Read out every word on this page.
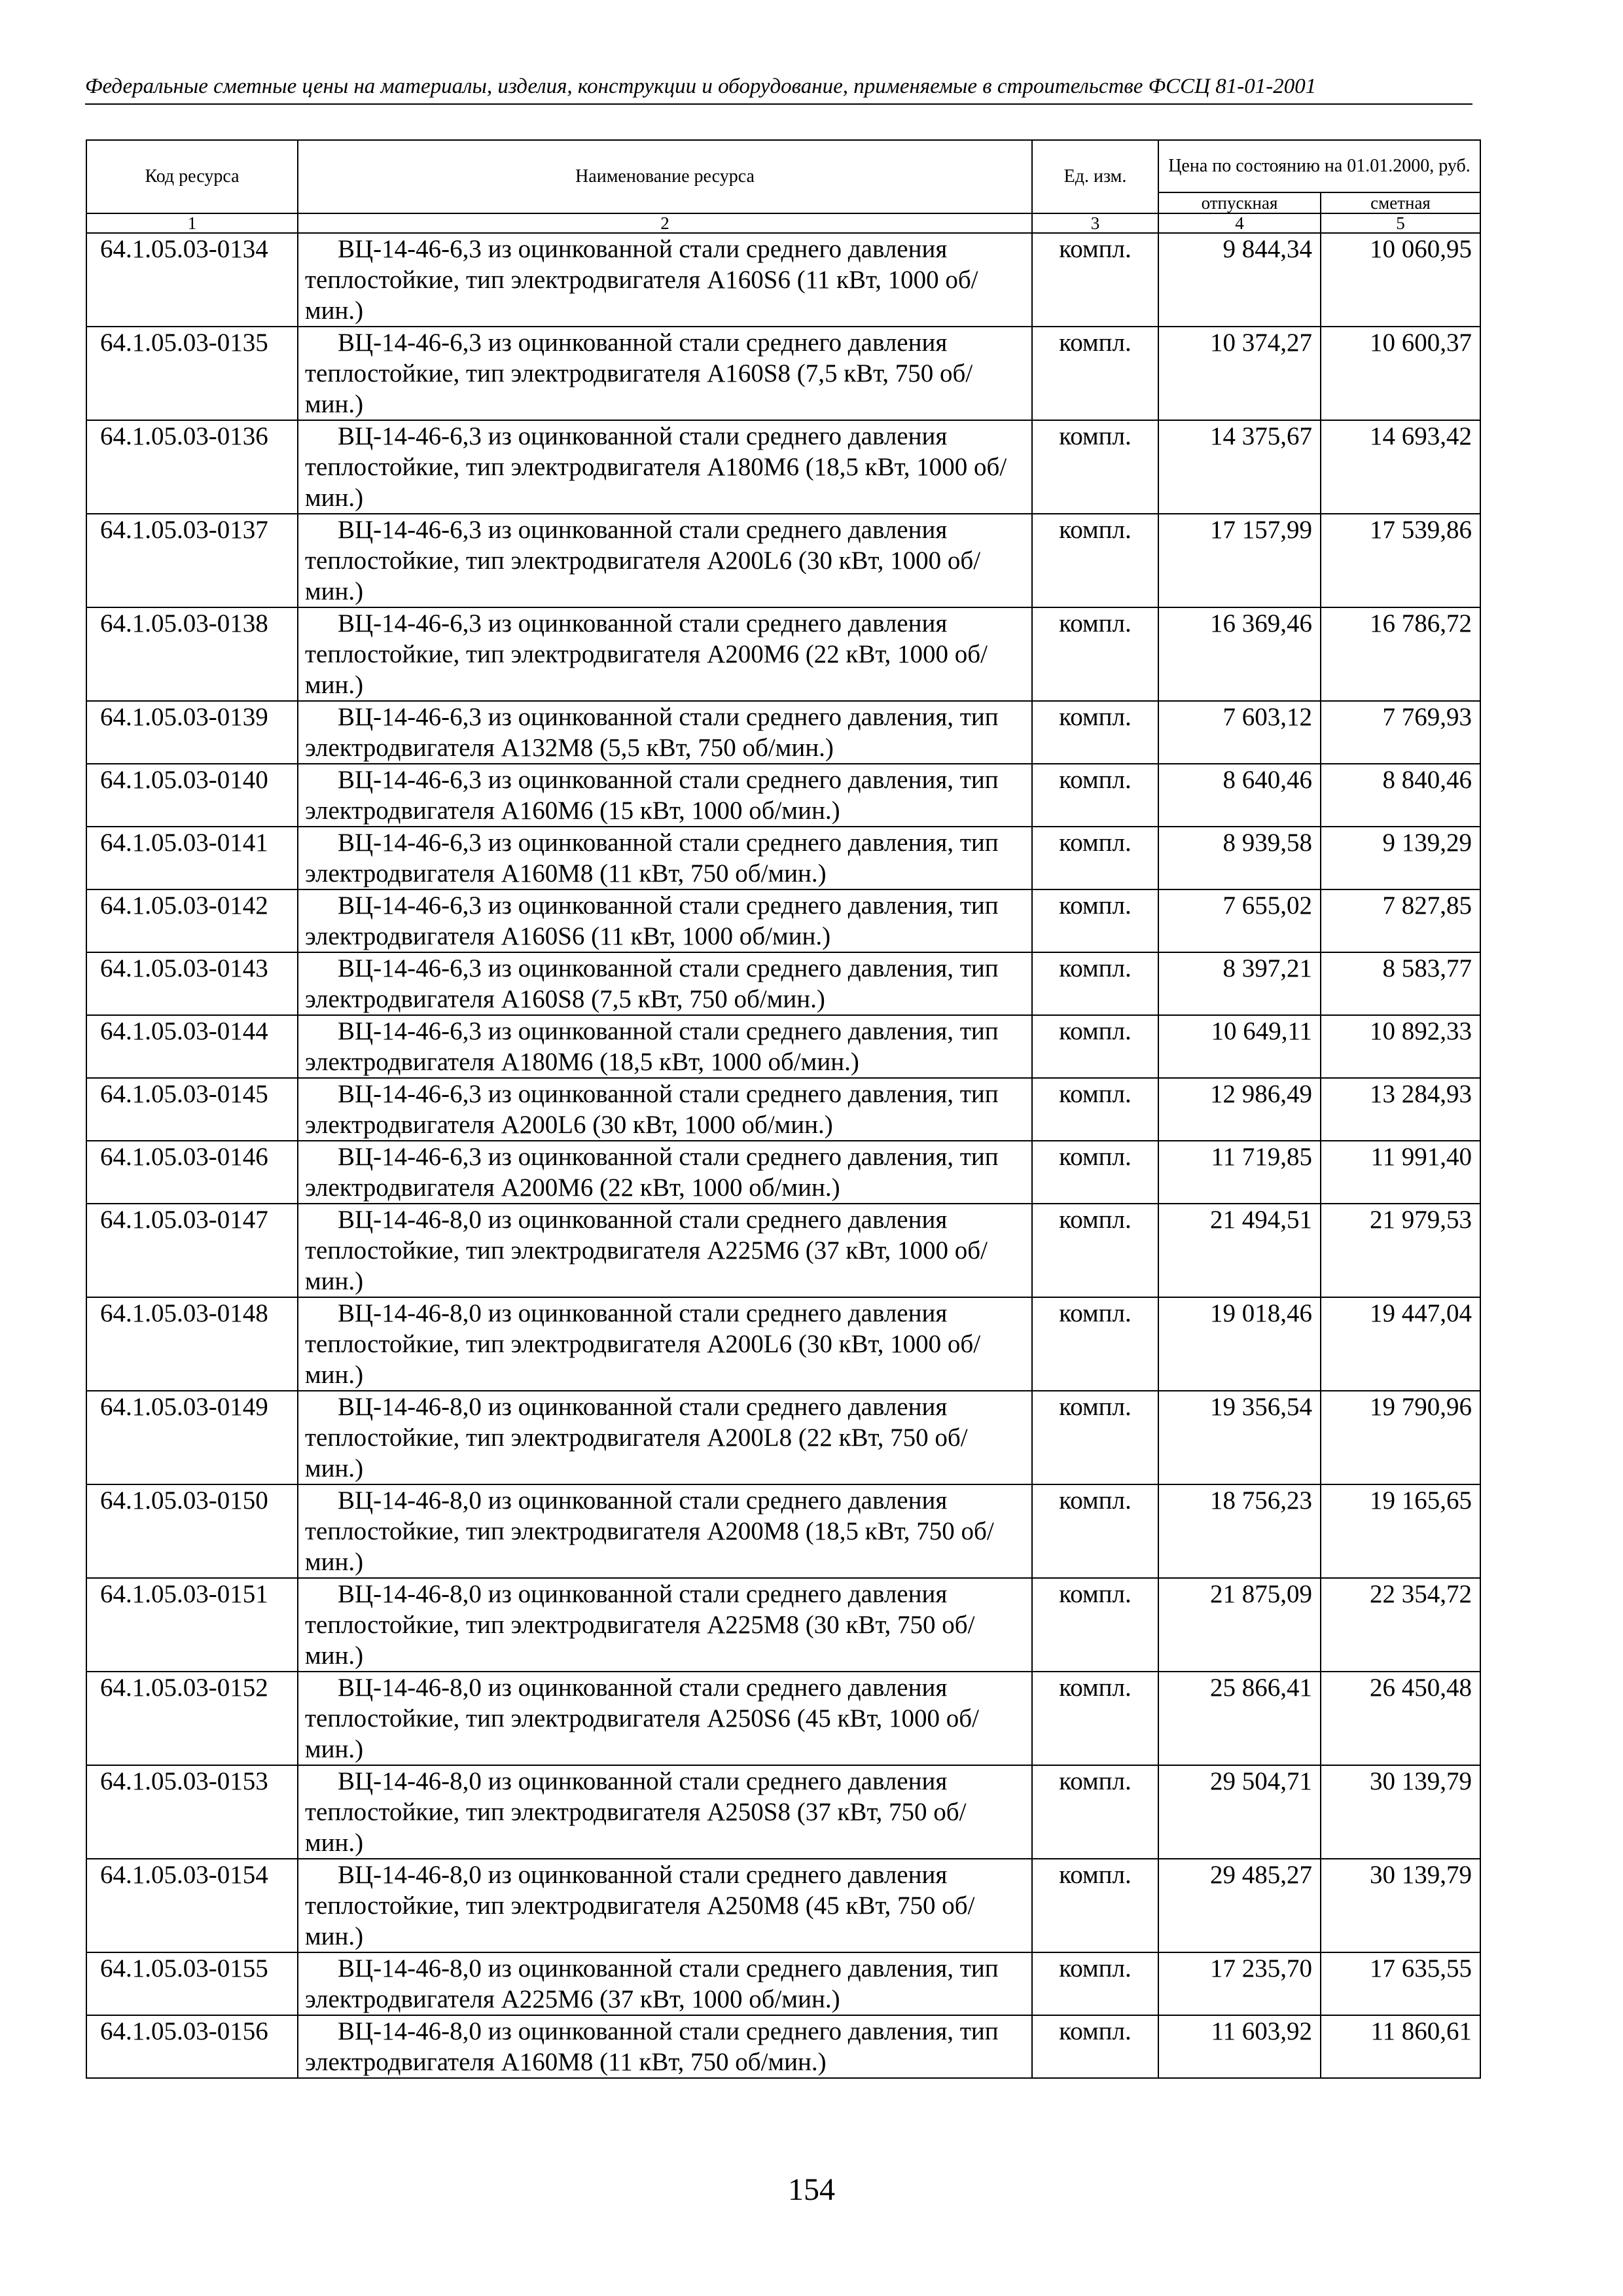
Федеральные сметные цены на материалы, изделия, конструкции и оборудование, применяемые в строительстве ФССЦ 81-01-2001
Код ресурса	Наименование ресурса	Ед. изм.	Цена по состоянию на 01.01.2000, руб.	
			отпускная	сметная
1	2	3	4	5
64.1.05.03-0134	ВЦ-14-46-6,3 из оцинкованной стали среднего давления теплостойкие, тип электродвигателя А160S6 (11 кВт, 1000 об/мин.)	компл.	9 844,34	10 060,95
64.1.05.03-0135	ВЦ-14-46-6,3 из оцинкованной стали среднего давления теплостойкие, тип электродвигателя А160S8 (7,5 кВт, 750 об/мин.)	компл.	10 374,27	10 600,37
64.1.05.03-0136	ВЦ-14-46-6,3 из оцинкованной стали среднего давления теплостойкие, тип электродвигателя А180М6 (18,5 кВт, 1000 об/мин.)	компл.	14 375,67	14 693,42
64.1.05.03-0137	ВЦ-14-46-6,3 из оцинкованной стали среднего давления теплостойкие, тип электродвигателя А200L6 (30 кВт, 1000 об/мин.)	компл.	17 157,99	17 539,86
64.1.05.03-0138	ВЦ-14-46-6,3 из оцинкованной стали среднего давления теплостойкие, тип электродвигателя А200М6 (22 кВт, 1000 об/мин.)	компл.	16 369,46	16 786,72
64.1.05.03-0139	ВЦ-14-46-6,3 из оцинкованной стали среднего давления, тип электродвигателя А132М8 (5,5 кВт, 750 об/мин.)	компл.	7 603,12	7 769,93
64.1.05.03-0140	ВЦ-14-46-6,3 из оцинкованной стали среднего давления, тип электродвигателя А160М6 (15 кВт, 1000 об/мин.)	компл.	8 640,46	8 840,46
64.1.05.03-0141	ВЦ-14-46-6,3 из оцинкованной стали среднего давления, тип электродвигателя А160М8 (11 кВт, 750 об/мин.)	компл.	8 939,58	9 139,29
64.1.05.03-0142	ВЦ-14-46-6,3 из оцинкованной стали среднего давления, тип электродвигателя А160S6 (11 кВт, 1000 об/мин.)	компл.	7 655,02	7 827,85
64.1.05.03-0143	ВЦ-14-46-6,3 из оцинкованной стали среднего давления, тип электродвигателя А160S8 (7,5 кВт, 750 об/мин.)	компл.	8 397,21	8 583,77
64.1.05.03-0144	ВЦ-14-46-6,3 из оцинкованной стали среднего давления, тип электродвигателя А180М6 (18,5 кВт, 1000 об/мин.)	компл.	10 649,11	10 892,33
64.1.05.03-0145	ВЦ-14-46-6,3 из оцинкованной стали среднего давления, тип электродвигателя А200L6 (30 кВт, 1000 об/мин.)	компл.	12 986,49	13 284,93
64.1.05.03-0146	ВЦ-14-46-6,3 из оцинкованной стали среднего давления, тип электродвигателя А200М6 (22 кВт, 1000 об/мин.)	компл.	11 719,85	11 991,40
64.1.05.03-0147	ВЦ-14-46-8,0 из оцинкованной стали среднего давления теплостойкие, тип электродвигателя А225М6 (37 кВт, 1000 об/мин.)	компл.	21 494,51	21 979,53
64.1.05.03-0148	ВЦ-14-46-8,0 из оцинкованной стали среднего давления теплостойкие, тип электродвигателя А200L6 (30 кВт, 1000 об/мин.)	компл.	19 018,46	19 447,04
64.1.05.03-0149	ВЦ-14-46-8,0 из оцинкованной стали среднего давления теплостойкие, тип электродвигателя А200L8 (22 кВт, 750 об/мин.)	компл.	19 356,54	19 790,96
64.1.05.03-0150	ВЦ-14-46-8,0 из оцинкованной стали среднего давления теплостойкие, тип электродвигателя А200М8 (18,5 кВт, 750 об/мин.)	компл.	18 756,23	19 165,65
64.1.05.03-0151	ВЦ-14-46-8,0 из оцинкованной стали среднего давления теплостойкие, тип электродвигателя А225М8 (30 кВт, 750 об/мин.)	компл.	21 875,09	22 354,72
64.1.05.03-0152	ВЦ-14-46-8,0 из оцинкованной стали среднего давления теплостойкие, тип электродвигателя А250S6 (45 кВт, 1000 об/мин.)	компл.	25 866,41	26 450,48
64.1.05.03-0153	ВЦ-14-46-8,0 из оцинкованной стали среднего давления теплостойкие, тип электродвигателя А250S8 (37 кВт, 750 об/мин.)	компл.	29 504,71	30 139,79
64.1.05.03-0154	ВЦ-14-46-8,0 из оцинкованной стали среднего давления теплостойкие, тип электродвигателя А250М8 (45 кВт, 750 об/мин.)	компл.	29 485,27	30 139,79
64.1.05.03-0155	ВЦ-14-46-8,0 из оцинкованной стали среднего давления, тип электродвигателя А225М6 (37 кВт, 1000 об/мин.)	компл.	17 235,70	17 635,55
64.1.05.03-0156	ВЦ-14-46-8,0 из оцинкованной стали среднего давления, тип электродвигателя А160М8 (11 кВт, 750 об/мин.)	компл.	11 603,92	11 860,61
154
